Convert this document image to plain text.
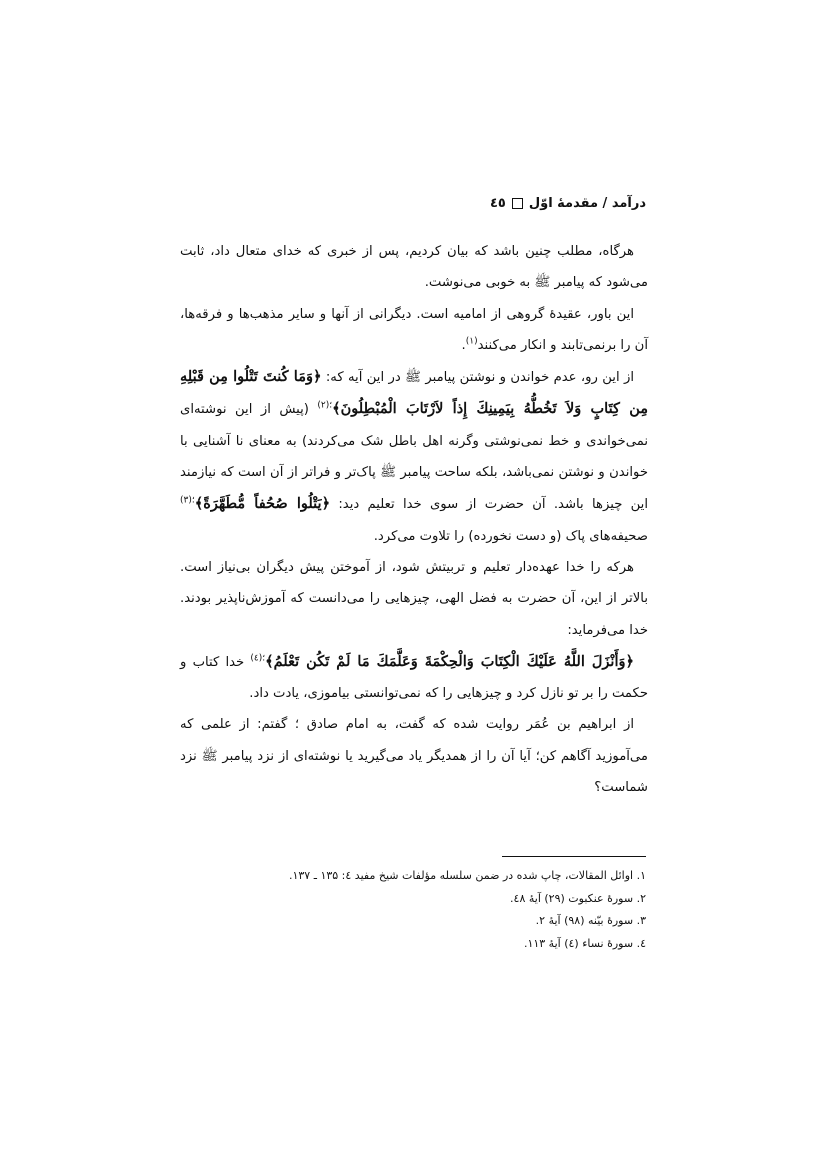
درآمد / مقدمهٔ اوّل
٤٥

هرگاه، مطلب چنین باشد که بیان کردیم، پس از خبری که خدای متعال داد، ثابت می‌شود که پیامبر ﷺ به خوبی می‌نوشت.

این باور، عقیدهٔ گروهی از امامیه است. دیگرانی از آنها و سایر مذهب‌ها و فرقه‌ها، آن را برنمی‌تابند و انکار می‌کنند$^{(۱)}$.

از این رو، عدم خواندن و نوشتن پیامبر ﷺ در این آیه که: ﴿وَمَا كُنتَ تَتْلُوا مِن قَبْلِهِ مِن كِتَابٍ وَلاَ تَخُطُّهُ بِيَمِينِكَ إِذاً لاَرْتَابَ الْمُبْطِلُونَ﴾$^{؛(۲)}$ (پیش از این نوشته‌ای نمی‌خواندی و خط نمی‌نوشتی وگرنه اهل باطل شک می‌کردند) به معنای نا آشنایی با خواندن و نوشتن نمی‌باشد، بلکه ساحت پیامبر ﷺ پاک‌تر و فراتر از آن است که نیازمند این چیزها باشد. آن حضرت از سوی خدا تعلیم دید: ﴿يَتْلُوا صُحُفاً مُّطَهَّرَةً﴾$^{؛(۳)}$ صحیفه‌های پاک (و دست نخورده) را تلاوت می‌کرد.

هرکه را خدا عهده‌دار تعلیم و تربیتش شود، از آموختن پیش دیگران بی‌نیاز است. بالاتر از این، آن حضرت به فضل الهی، چیزهایی را می‌دانست که آموزش‌ناپذیر بودند. خدا می‌فرماید:

﴿وَأَنْزَلَ اللَّهُ عَلَيْكَ الْكِتَابَ وَالْحِكْمَةَ وَعَلَّمَكَ مَا لَمْ تَكُن تَعْلَمُ﴾$^{؛(٤)}$ خدا کتاب و حکمت را بر تو نازل کرد و چیزهایی را که نمی‌توانستی بیاموزی، یادت داد.

از ابراهیم بن عُمَر روایت شده که گفت، به امام صادق ؛ گفتم: از علمی که می‌آموزید آگاهم کن؛ آیا آن را از همدیگر یاد می‌گیرید یا نوشته‌ای از نزد پیامبر ﷺ نزد شماست؟

۱. اوائل المقالات، چاپ شده در ضمن سلسله مؤلفات شیخ مفید ٤: ۱۳۵ ـ ۱۳۷.

۲. سورهٔ عنکبوت (۲۹) آیهٔ ٤۸.

۳. سورهٔ بیّنه (۹۸) آیهٔ ۲.

٤. سورهٔ نساء (٤) آیهٔ ۱۱۳.
